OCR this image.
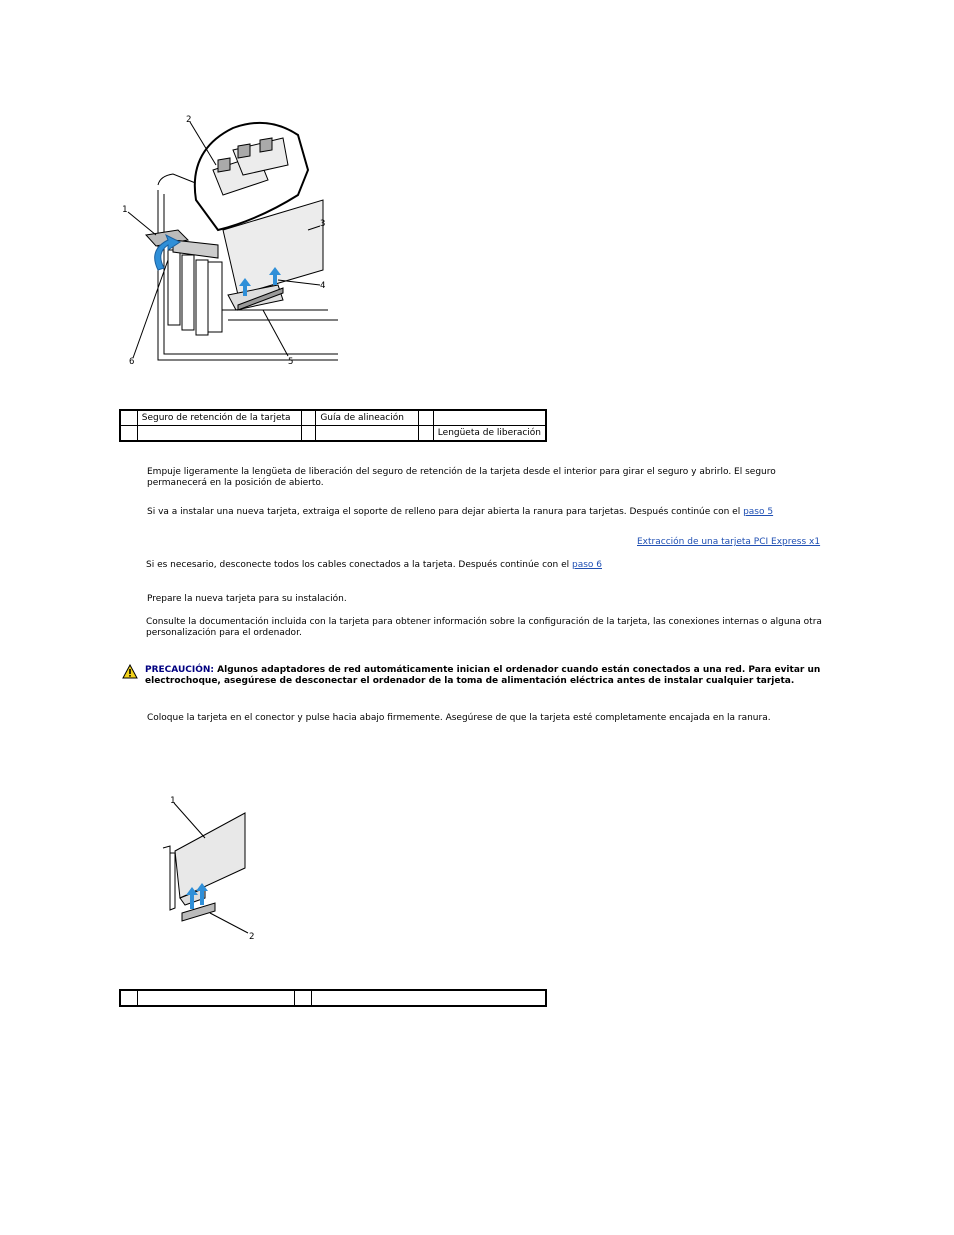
1
2
3
4
5
6
	Seguro de retención de la tarjeta		Guía de alineación		
					Lengüeta de liberación

Empuje ligeramente la lengüeta de liberación del seguro de retención de la tarjeta desde el interior para girar el seguro y abrirlo. El seguro permanecerá en la posición de abierto.

Si va a instalar una nueva tarjeta, extraiga el soporte de relleno para dejar abierta la ranura para tarjetas. Después continúe con el paso 5

Extracción de una tarjeta PCI Express x1

Si es necesario, desconecte todos los cables conectados a la tarjeta. Después continúe con el paso 6

Prepare la nueva tarjeta para su instalación.

Consulte la documentación incluida con la tarjeta para obtener información sobre la configuración de la tarjeta, las conexiones internas o alguna otra personalización para el ordenador.

PRECAUCIÓN: Algunos adaptadores de red automáticamente inician el ordenador cuando están conectados a una red. Para evitar un electrochoque, asegúrese de desconectar el ordenador de la toma de alimentación eléctrica antes de instalar cualquier tarjeta.

Coloque la tarjeta en el conector y pulse hacia abajo firmemente. Asegúrese de que la tarjeta esté completamente encajada en la ranura.

1
2
